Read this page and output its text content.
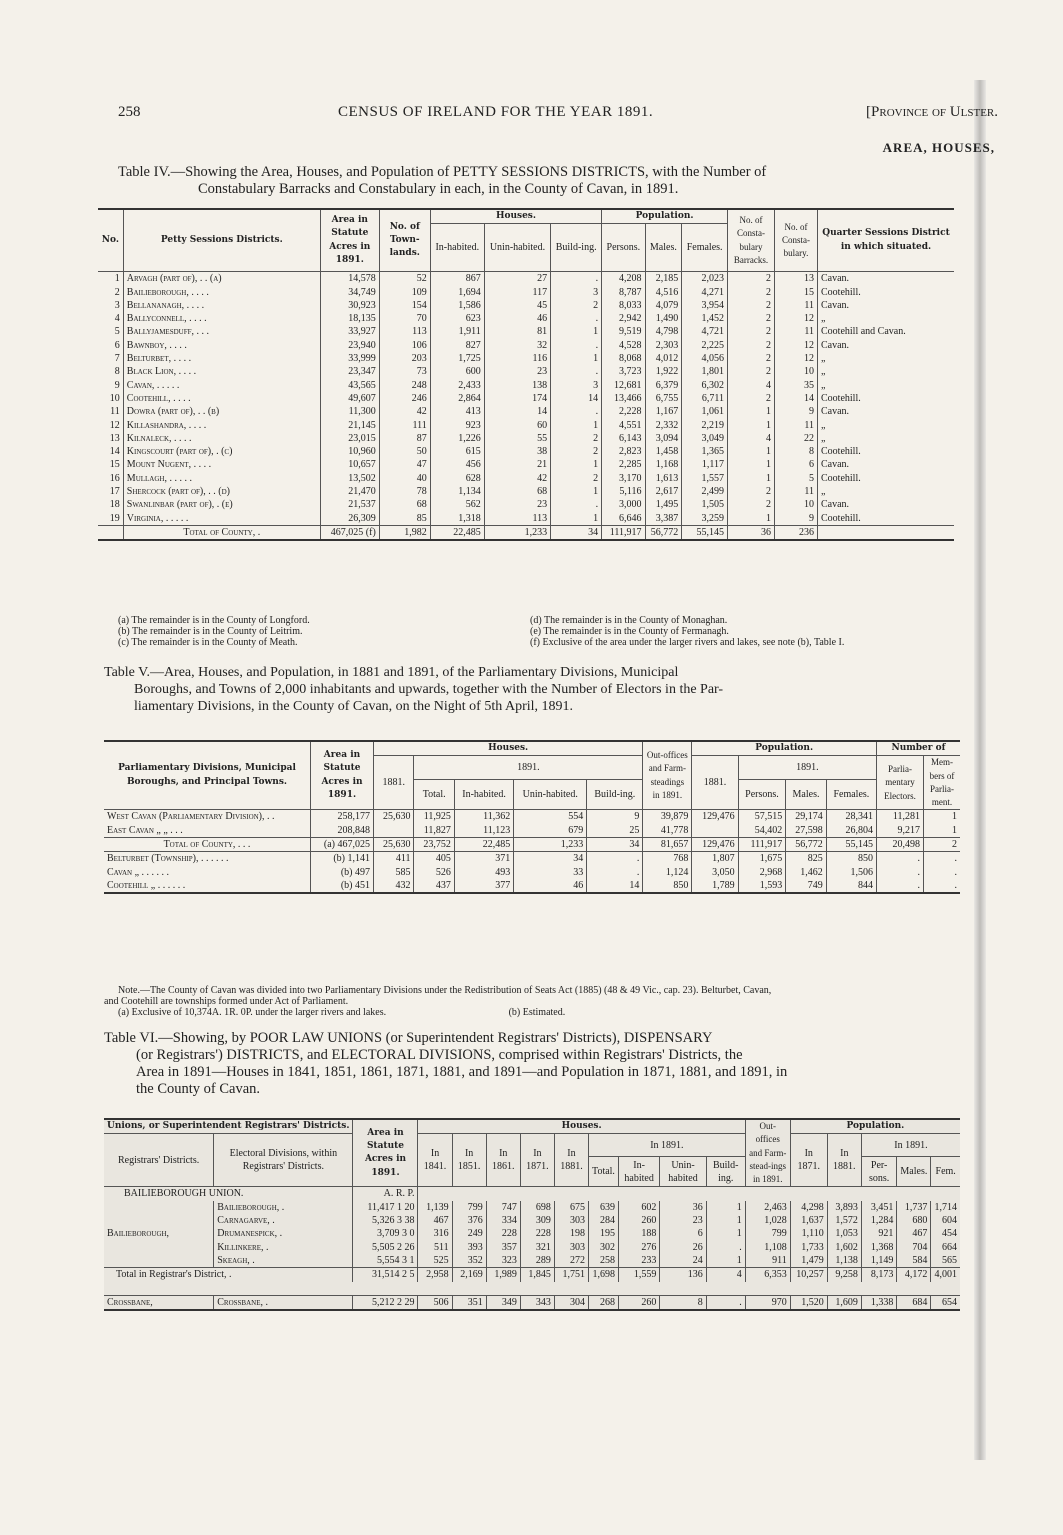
258	CENSUS OF IRELAND FOR THE YEAR 1891.	[Province of Ulster.
AREA, HOUSES,
Table IV.—Showing the Area, Houses, and Population of PETTY SESSIONS DISTRICTS, with the Number of
Constabulary Barracks and Constabulary in each, in the County of Cavan, in 1891.
No.	Petty Sessions Districts.	Area in Statute Acres in 1891.	No. of Town-lands.	Houses.			Population.			No. of Consta-bulary Barracks.	No. of Consta-bulary.	Quarter Sessions District in which situated.
				In-habited.	Unin-habited.	Build-ing.	Persons.	Males.	Females.			
1	Arvagh (part of), . . (a)	14,578	52	867	27	.	4,208	2,185	2,023	2	13	Cavan.
2	Bailieborough, . . . .	34,749	109	1,694	117	3	8,787	4,516	4,271	2	15	Cootehill.
3	Bellananagh, . . . .	30,923	154	1,586	45	2	8,033	4,079	3,954	2	11	Cavan.
4	Ballyconnell, . . . .	18,135	70	623	46	.	2,942	1,490	1,452	2	12	„
5	Ballyjamesduff, . . .	33,927	113	1,911	81	1	9,519	4,798	4,721	2	11	Cootehill and Cavan.
6	Bawnboy, . . . .	23,940	106	827	32	.	4,528	2,303	2,225	2	12	Cavan.
7	Belturbet, . . . .	33,999	203	1,725	116	1	8,068	4,012	4,056	2	12	„
8	Black Lion, . . . .	23,347	73	600	23	.	3,723	1,922	1,801	2	10	„
9	Cavan, . . . . .	43,565	248	2,433	138	3	12,681	6,379	6,302	4	35	„
10	Cootehill, . . . .	49,607	246	2,864	174	14	13,466	6,755	6,711	2	14	Cootehill.
11	Dowra (part of), . . (b)	11,300	42	413	14	.	2,228	1,167	1,061	1	9	Cavan.
12	Killashandra, . . . .	21,145	111	923	60	1	4,551	2,332	2,219	1	11	„
13	Kilnaleck, . . . .	23,015	87	1,226	55	2	6,143	3,094	3,049	4	22	„
14	Kingscourt (part of), . (c)	10,960	50	615	38	2	2,823	1,458	1,365	1	8	Cootehill.
15	Mount Nugent, . . . .	10,657	47	456	21	1	2,285	1,168	1,117	1	6	Cavan.
16	Mullagh, . . . . .	13,502	40	628	42	2	3,170	1,613	1,557	1	5	Cootehill.
17	Shercock (part of), . . (d)	21,470	78	1,134	68	1	5,116	2,617	2,499	2	11	„
18	Swanlinbar (part of), . (e)	21,537	68	562	23	.	3,000	1,495	1,505	2	10	Cavan.
19	Virginia, . . . . .	26,309	85	1,318	113	1	6,646	3,387	3,259	1	9	Cootehill.
	Total of County, .	467,025 (f)	1,982	22,485	1,233	34	111,917	56,772	55,145	36	236	
(a) The remainder is in the County of Longford.
(b) The remainder is in the County of Leitrim.
(c) The remainder is in the County of Meath.
(d) The remainder is in the County of Monaghan.
(e) The remainder is in the County of Fermanagh.
(f) Exclusive of the area under the larger rivers and lakes, see note (b), Table I.
Table V.—Area, Houses, and Population, in 1881 and 1891, of the Parliamentary Divisions, Municipal
Boroughs, and Towns of 2,000 inhabitants and upwards, together with the Number of Electors in the Par-
liamentary Divisions, in the County of Cavan, on the Night of 5th April, 1891.
Parliamentary Divisions, Municipal Boroughs, and Principal Towns.	Area in Statute Acres in 1891.	Houses.					Out-offices and Farm-steadings in 1891.	Population.				Number of	
		1881.	1891.					1881.	1891.			Parlia-mentary Electors.	Mem-bers of Parlia-ment.
			Total.	In-habited.	Unin-habited.	Build-ing.			Persons.	Males.	Females.		
West Cavan (Parliamentary Division), . .	258,177	25,630	11,925	11,362	554	9	39,879	129,476	57,515	29,174	28,341	11,281	1
East Cavan „ „ . . .	208,848		11,827	11,123	679	25	41,778		54,402	27,598	26,804	9,217	1
Total of County, . . .	(a) 467,025	25,630	23,752	22,485	1,233	34	81,657	129,476	111,917	56,772	55,145	20,498	2
Belturbet (Township), . . . . . .	(b) 1,141	411	405	371	34	.	768	1,807	1,675	825	850	.	.
Cavan „ . . . . . .	(b) 497	585	526	493	33	.	1,124	3,050	2,968	1,462	1,506	.	.
Cootehill „ . . . . . .	(b) 451	432	437	377	46	14	850	1,789	1,593	749	844	.	.
Note.—The County of Cavan was divided into two Parliamentary Divisions under the Redistribution of Seats Act (1885) (48 & 49 Vic., cap. 23). Belturbet, Cavan,
and Cootehill are townships formed under Act of Parliament.
(a) Exclusive of 10,374A. 1R. 0P. under the larger rivers and lakes.	(b) Estimated.
Table VI.—Showing, by POOR LAW UNIONS (or Superintendent Registrars' Districts), DISPENSARY
(or Registrars') DISTRICTS, and ELECTORAL DIVISIONS, comprised within Registrars' Districts, the
Area in 1891—Houses in 1841, 1851, 1861, 1871, 1881, and 1891—and Population in 1871, 1881, and 1891, in
the County of Cavan.
Unions, or Superintendent Registrars' Districts.		Area in Statute Acres in 1891.	Houses.									Out-offices and Farm-stead-ings in 1891.	Population.				
Registrars' Districts.	Electoral Divisions, within Registrars' Districts.		In 1841.	In 1851.	In 1861.	In 1871.	In 1881.	In 1891.					In 1871.	In 1881.	In 1891.		
								Total.	In-habited	Unin-habited	Build-ing.				Per-sons.	Males.	Fem.
BAILIEBOROUGH UNION.		A. R. P.															
	Bailieborough, .	11,417 1 20	1,139	799	747	698	675	639	602	36	1	2,463	4,298	3,893	3,451	1,737	1,714
	Carnagarve, .	5,326 3 38	467	376	334	309	303	284	260	23	1	1,028	1,637	1,572	1,284	680	604
Bailieborough,	Drumanespick, .	3,709 3 0	316	249	228	228	198	195	188	6	1	799	1,110	1,053	921	467	454
	Killinkere, .	5,505 2 26	511	393	357	321	303	302	276	26	.	1,108	1,733	1,602	1,368	704	664
	Skeagh, .	5,554 3 1	525	352	323	289	272	258	233	24	1	911	1,479	1,138	1,149	584	565
Total in Registrar's District, .		31,514 2 5	2,958	2,169	1,989	1,845	1,751	1,698	1,559	136	4	6,353	10,257	9,258	8,173	4,172	4,001

Crossbane,	Crossbane, .	5,212 2 29	506	351	349	343	304	268	260	8	.	970	1,520	1,609	1,338	684	654
